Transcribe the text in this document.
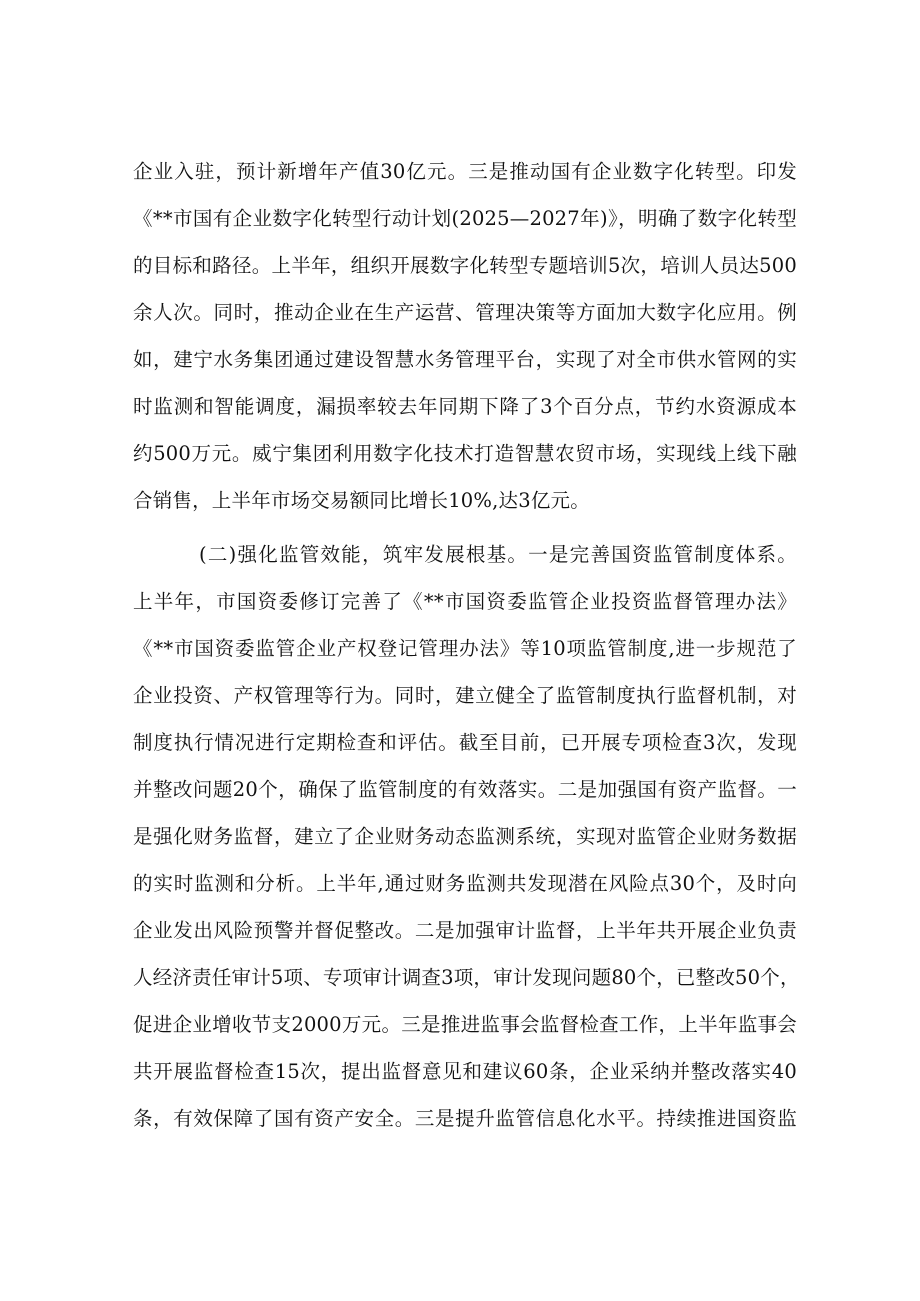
企业入驻，预计新增年产值30亿元。三是推动国有企业数字化转型。印发
《**市国有企业数字化转型行动计划(2025—2027年)》，明确了数字化转型
的目标和路径。上半年，组织开展数字化转型专题培训5次，培训人员达500
余人次。同时，推动企业在生产运营、管理决策等方面加大数字化应用。例
如，建宁水务集团通过建设智慧水务管理平台，实现了对全市供水管网的实
时监测和智能调度，漏损率较去年同期下降了3个百分点，节约水资源成本
约500万元。威宁集团利用数字化技术打造智慧农贸市场，实现线上线下融
合销售，上半年市场交易额同比增长10%,达3亿元。
(二)强化监管效能，筑牢发展根基。一是完善国资监管制度体系。
上半年，市国资委修订完善了《**市国资委监管企业投资监督管理办法》
《**市国资委监管企业产权登记管理办法》等10项监管制度,进一步规范了
企业投资、产权管理等行为。同时，建立健全了监管制度执行监督机制，对
制度执行情况进行定期检查和评估。截至目前，已开展专项检查3次，发现
并整改问题20个，确保了监管制度的有效落实。二是加强国有资产监督。一
是强化财务监督，建立了企业财务动态监测系统，实现对监管企业财务数据
的实时监测和分析。上半年,通过财务监测共发现潜在风险点30个，及时向
企业发出风险预警并督促整改。二是加强审计监督，上半年共开展企业负责
人经济责任审计5项、专项审计调查3项，审计发现问题80个，已整改50个，
促进企业增收节支2000万元。三是推进监事会监督检查工作，上半年监事会
共开展监督检查15次，提出监督意见和建议60条，企业采纳并整改落实40
条，有效保障了国有资产安全。三是提升监管信息化水平。持续推进国资监
